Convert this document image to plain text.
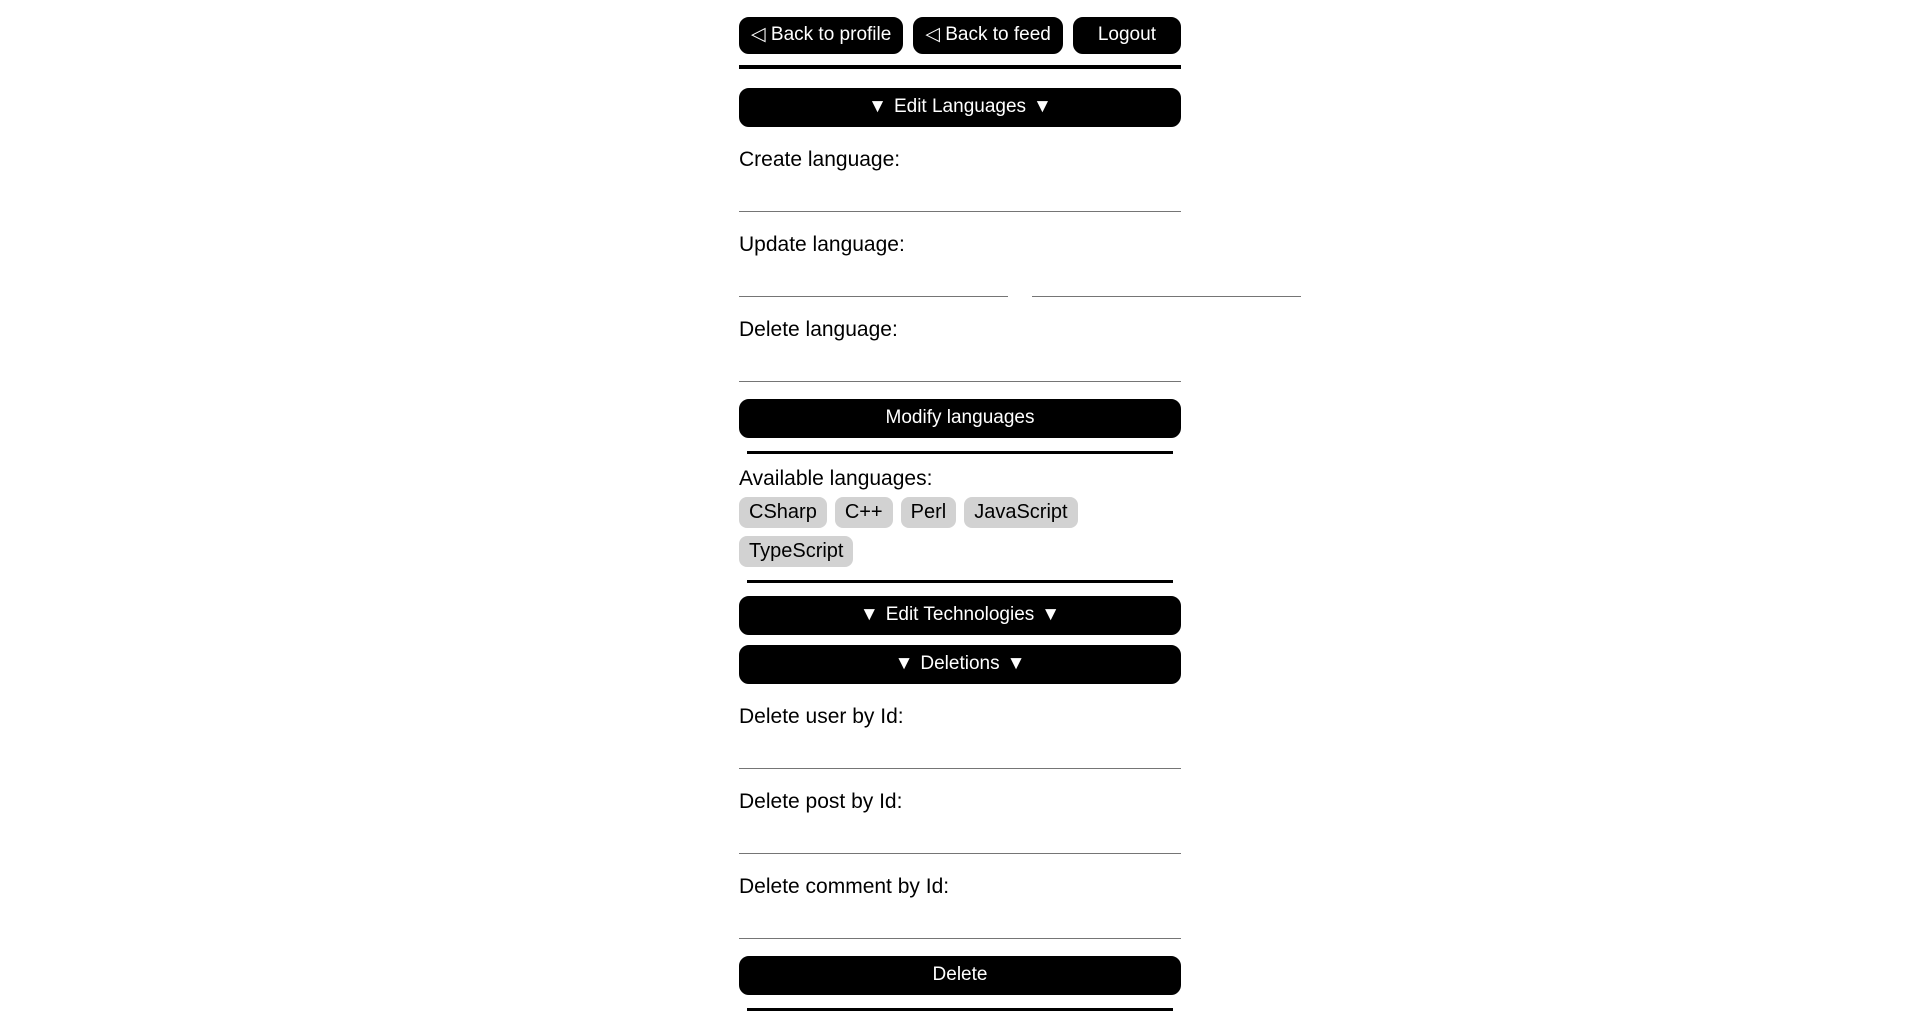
◁ Back to profile	◁ Back to feed	Logout
▼ Edit Languages ▼

Create language:

Update language:

Delete language:

Modify languages

Available languages:

CSharp	C++	Perl	JavaScript
TypeScript
▼ Edit Technologies ▼
▼ Deletions ▼

Delete user by Id:

Delete post by Id:

Delete comment by Id:

Delete
